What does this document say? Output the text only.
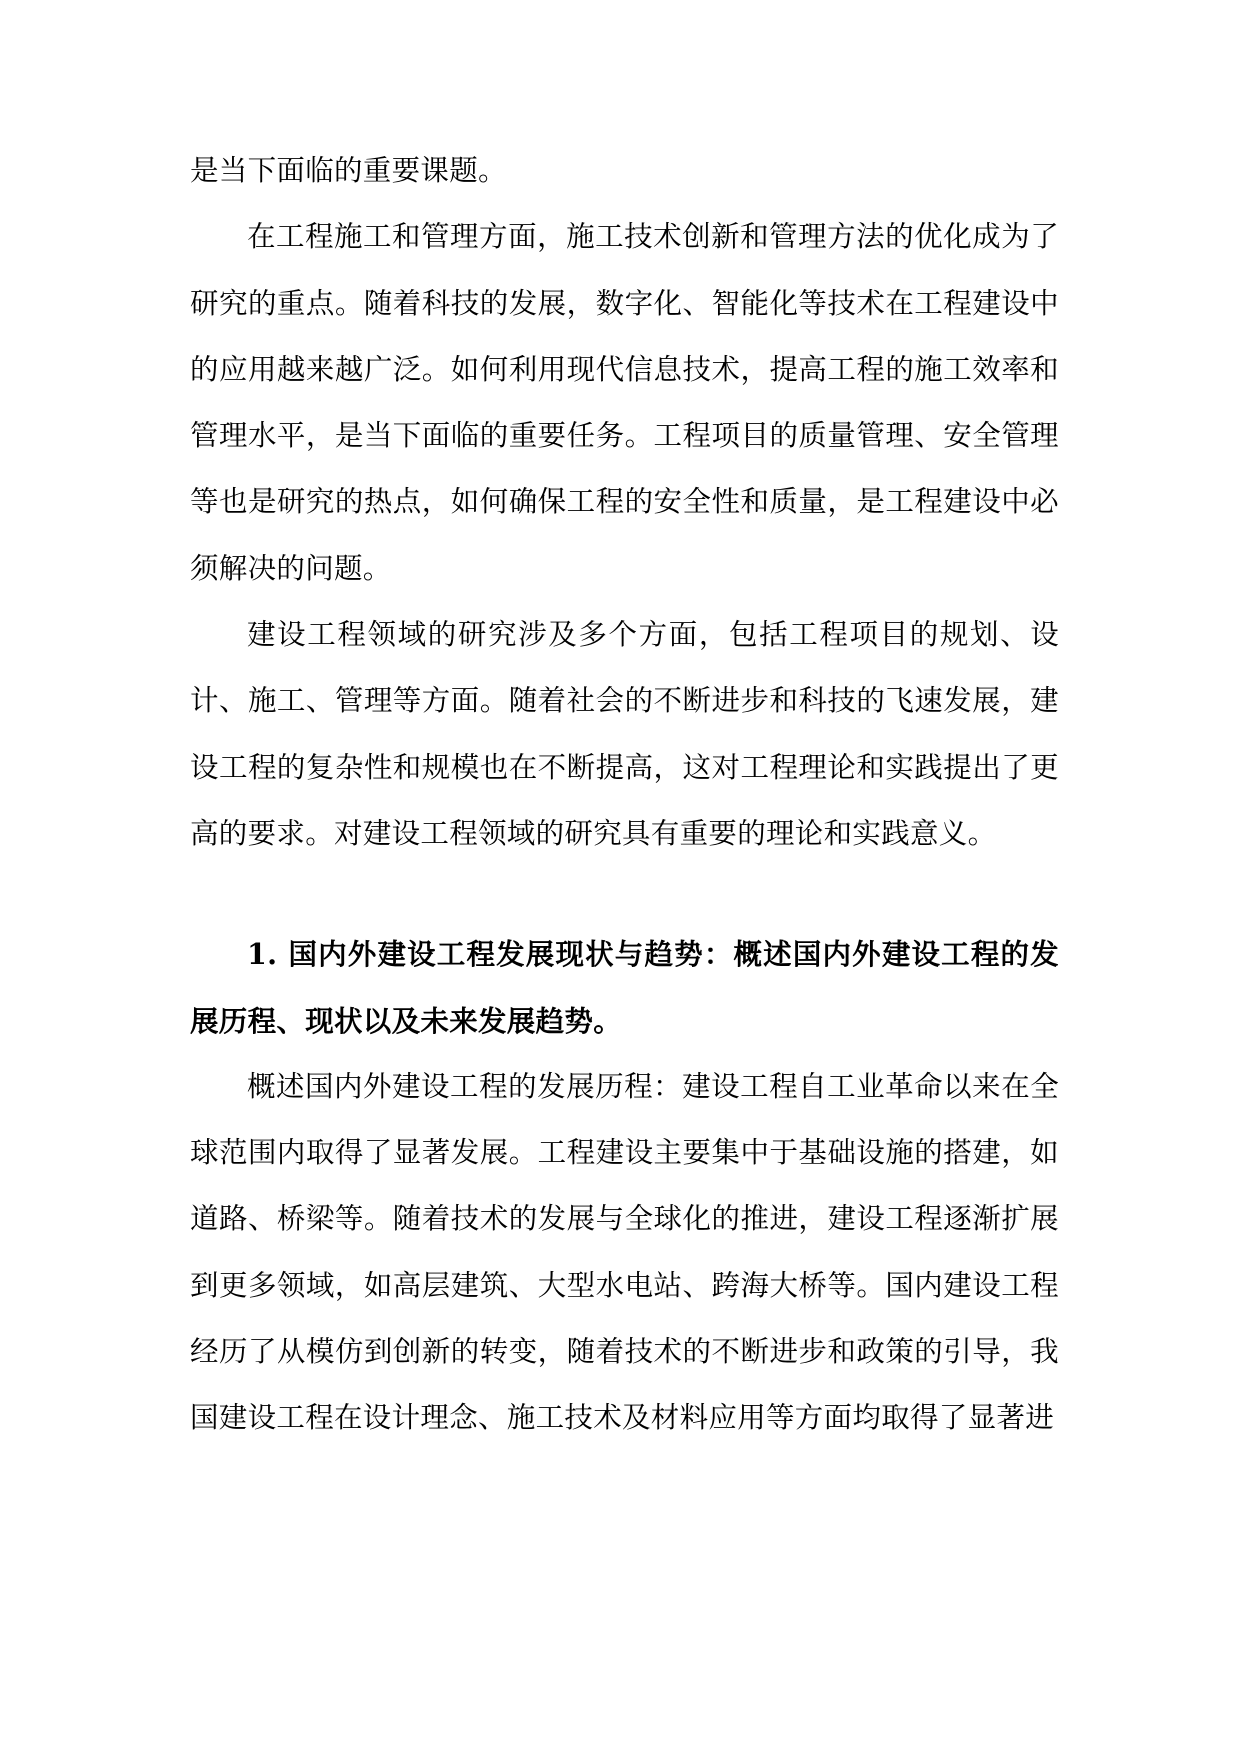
是当下面临的重要课题。

在工程施工和管理方面，施工技术创新和管理方法的优化成为了研究的重点。随着科技的发展，数字化、智能化等技术在工程建设中的应用越来越广泛。如何利用现代信息技术，提高工程的施工效率和管理水平，是当下面临的重要任务。工程项目的质量管理、安全管理等也是研究的热点，如何确保工程的安全性和质量，是工程建设中必须解决的问题。

建设工程领域的研究涉及多个方面，包括工程项目的规划、设计、施工、管理等方面。随着社会的不断进步和科技的飞速发展，建设工程的复杂性和规模也在不断提高，这对工程理论和实践提出了更高的要求。对建设工程领域的研究具有重要的理论和实践意义。

1. 国内外建设工程发展现状与趋势：概述国内外建设工程的发展历程、现状以及未来发展趋势。

概述国内外建设工程的发展历程：建设工程自工业革命以来在全球范围内取得了显著发展。工程建设主要集中于基础设施的搭建，如道路、桥梁等。随着技术的发展与全球化的推进，建设工程逐渐扩展到更多领域，如高层建筑、大型水电站、跨海大桥等。国内建设工程经历了从模仿到创新的转变，随着技术的不断进步和政策的引导，我国建设工程在设计理念、施工技术及材料应用等方面均取得了显著进
